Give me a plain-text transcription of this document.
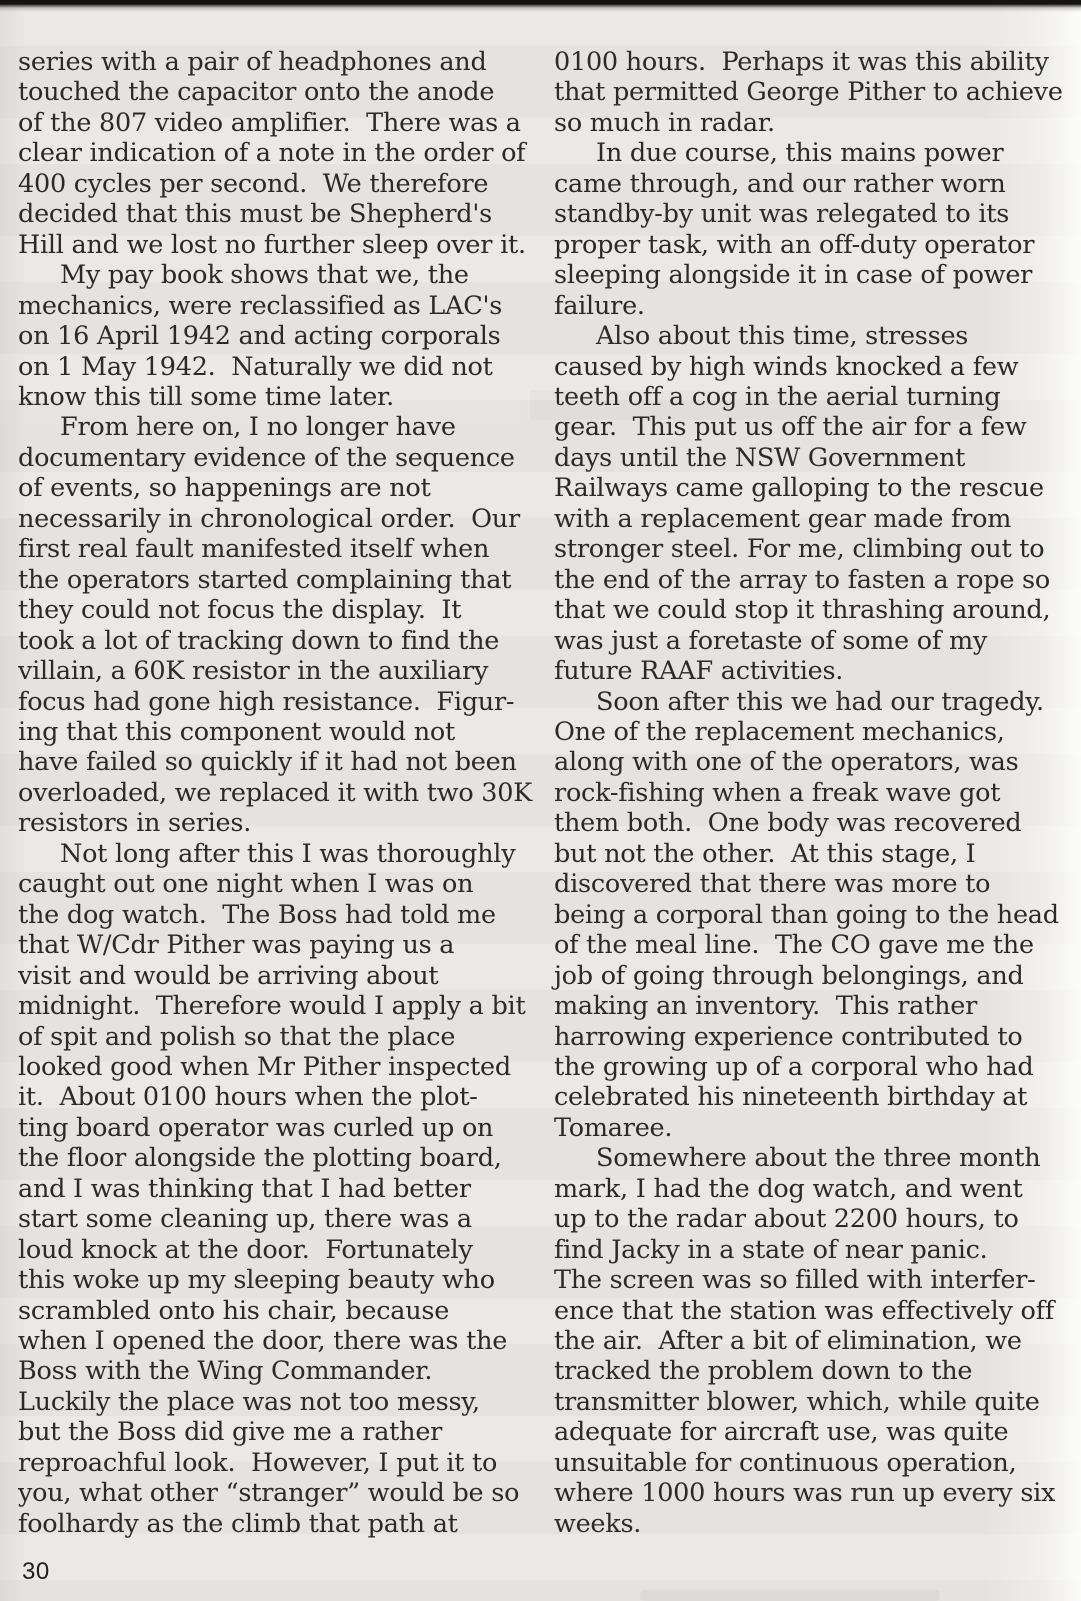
series with a pair of headphones and
touched the capacitor onto the anode
of the 807 video amplifier.  There was a
clear indication of a note in the order of
400 cycles per second.  We therefore
decided that this must be Shepherd's
Hill and we lost no further sleep over it.
My pay book shows that we, the
mechanics, were reclassified as LAC's
on 16 April 1942 and acting corporals
on 1 May 1942.  Naturally we did not
know this till some time later.
From here on, I no longer have
documentary evidence of the sequence
of events, so happenings are not
necessarily in chronological order.  Our
first real fault manifested itself when
the operators started complaining that
they could not focus the display.  It
took a lot of tracking down to find the
villain, a 60K resistor in the auxiliary
focus had gone high resistance.  Figur-
ing that this component would not
have failed so quickly if it had not been
overloaded, we replaced it with two 30K
resistors in series.
Not long after this I was thoroughly
caught out one night when I was on
the dog watch.  The Boss had told me
that W/Cdr Pither was paying us a
visit and would be arriving about
midnight.  Therefore would I apply a bit
of spit and polish so that the place
looked good when Mr Pither inspected
it.  About 0100 hours when the plot-
ting board operator was curled up on
the floor alongside the plotting board,
and I was thinking that I had better
start some cleaning up, there was a
loud knock at the door.  Fortunately
this woke up my sleeping beauty who
scrambled onto his chair, because
when I opened the door, there was the
Boss with the Wing Commander.
Luckily the place was not too messy,
but the Boss did give me a rather
reproachful look.  However, I put it to
you, what other “stranger” would be so
foolhardy as the climb that path at
0100 hours.  Perhaps it was this ability
that permitted George Pither to achieve
so much in radar.
In due course, this mains power
came through, and our rather worn
standby-by unit was relegated to its
proper task, with an off-duty operator
sleeping alongside it in case of power
failure.
Also about this time, stresses
caused by high winds knocked a few
teeth off a cog in the aerial turning
gear.  This put us off the air for a few
days until the NSW Government
Railways came galloping to the rescue
with a replacement gear made from
stronger steel. For me, climbing out to
the end of the array to fasten a rope so
that we could stop it thrashing around,
was just a foretaste of some of my
future RAAF activities.
Soon after this we had our tragedy.
One of the replacement mechanics,
along with one of the operators, was
rock-fishing when a freak wave got
them both.  One body was recovered
but not the other.  At this stage, I
discovered that there was more to
being a corporal than going to the head
of the meal line.  The CO gave me the
job of going through belongings, and
making an inventory.  This rather
harrowing experience contributed to
the growing up of a corporal who had
celebrated his nineteenth birthday at
Tomaree.
Somewhere about the three month
mark, I had the dog watch, and went
up to the radar about 2200 hours, to
find Jacky in a state of near panic.
The screen was so filled with interfer-
ence that the station was effectively off
the air.  After a bit of elimination, we
tracked the problem down to the
transmitter blower, which, while quite
adequate for aircraft use, was quite
unsuitable for continuous operation,
where 1000 hours was run up every six
weeks.
30
